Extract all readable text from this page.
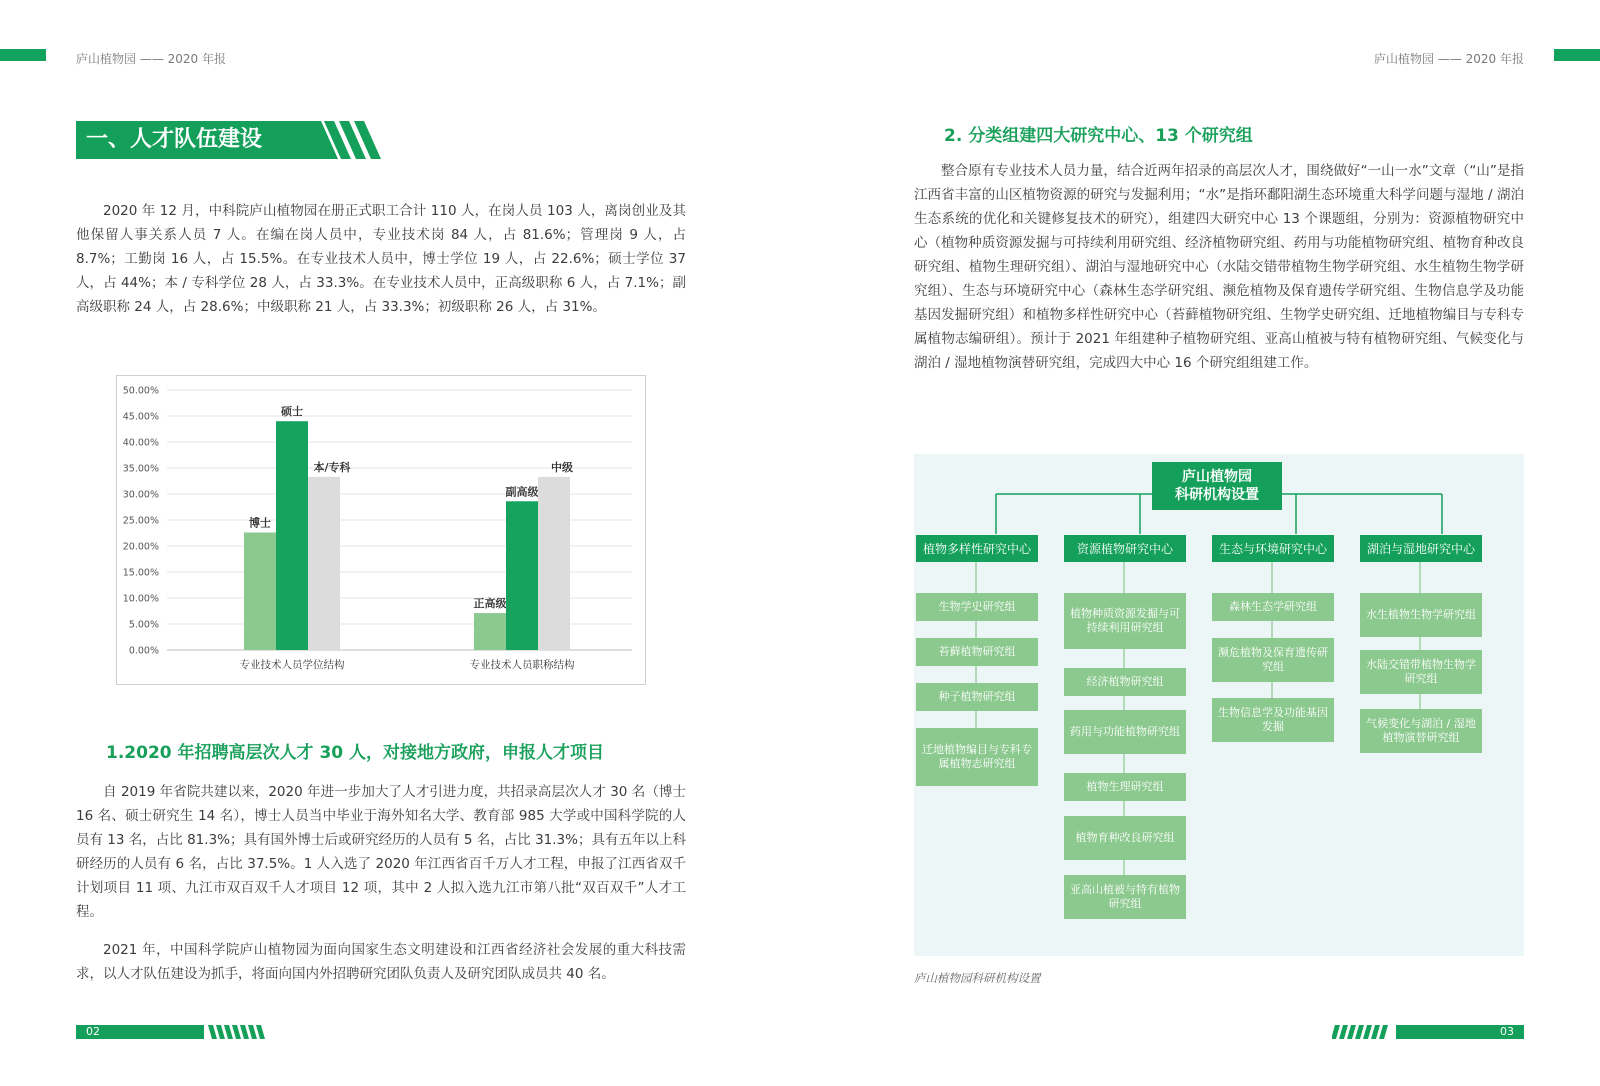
庐山植物园 —— 2020 年报	庐山植物园 —— 2020 年报
一、人才队伍建设

2020 年 12 月，中科院庐山植物园在册正式职工合计 110 人，在岗人员 103 人，离岗创业及其他保留人事关系人员 7 人。在编在岗人员中，专业技术岗 84 人，占 81.6%；管理岗 9 人，占 8.7%；工勤岗 16 人，占 15.5%。在专业技术人员中，博士学位 19 人，占 22.6%；硕士学位 37 人，占 44%；本 / 专科学位 28 人，占 33.3%。在专业技术人员中，正高级职称 6 人，占 7.1%；副高级职称 24 人，占 28.6%；中级职称 21 人，占 33.3%；初级职称 26 人，占 31%。

0.00%
5.00%
10.00%
15.00%
20.00%
25.00%
30.00%
35.00%
40.00%
45.00%
50.00%
博士
硕士
本/专科
专业技术人员学位结构
正高级
副高级
中级
专业技术人员职称结构
1.2020 年招聘高层次人才 30 人，对接地方政府，申报人才项目

自 2019 年省院共建以来，2020 年进一步加大了人才引进力度，共招录高层次人才 30 名（博士 16 名、硕士研究生 14 名），博士人员当中毕业于海外知名大学、教育部 985 大学或中国科学院的人员有 13 名，占比 81.3%；具有国外博士后或研究经历的人员有 5 名，占比 31.3%；具有五年以上科研经历的人员有 6 名，占比 37.5%。1 人入选了 2020 年江西省百千万人才工程，申报了江西省双千计划项目 11 项、九江市双百双千人才项目 12 项，其中 2 人拟入选九江市第八批“双百双千”人才工程。

2021 年，中国科学院庐山植物园为面向国家生态文明建设和江西省经济社会发展的重大科技需求，以人才队伍建设为抓手，将面向国内外招聘研究团队负责人及研究团队成员共 40 名。

02
2. 分类组建四大研究中心、13 个研究组

整合原有专业技术人员力量，结合近两年招录的高层次人才，围绕做好“一山一水”文章（“山”是指江西省丰富的山区植物资源的研究与发掘利用；“水”是指环鄱阳湖生态环境重大科学问题与湿地 / 湖泊生态系统的优化和关键修复技术的研究），组建四大研究中心 13 个课题组，分别为：资源植物研究中心（植物种质资源发掘与可持续利用研究组、经济植物研究组、药用与功能植物研究组、植物育种改良研究组、植物生理研究组）、湖泊与湿地研究中心（水陆交错带植物生物学研究组、水生植物生物学研究组）、生态与环境研究中心（森林生态学研究组、濒危植物及保育遗传学研究组、生物信息学及功能基因发掘研究组）和植物多样性研究中心（苔藓植物研究组、生物学史研究组、迁地植物编目与专科专属植物志编研组）。预计于 2021 年组建种子植物研究组、亚高山植被与特有植物研究组、气候变化与湖泊 / 湿地植物演替研究组，完成四大中心 16 个研究组组建工作。

庐山植物园
科研机构设置
植物多样性研究中心	资源植物研究中心	生态与环境研究中心	湖泊与湿地研究中心
生物学史研究组
苔藓植物研究组
种子植物研究组
迁地植物编目与专科专属植物志研究组
植物种质资源发掘与可持续利用研究组
经济植物研究组
药用与功能植物研究组
植物生理研究组
植物育种改良研究组
亚高山植被与特有植物研究组
森林生态学研究组
濒危植物及保育遗传研究组
生物信息学及功能基因发掘
水生植物生物学研究组
水陆交错带植物生物学研究组
气候变化与湖泊 / 湿地植物演替研究组
庐山植物园科研机构设置
03
